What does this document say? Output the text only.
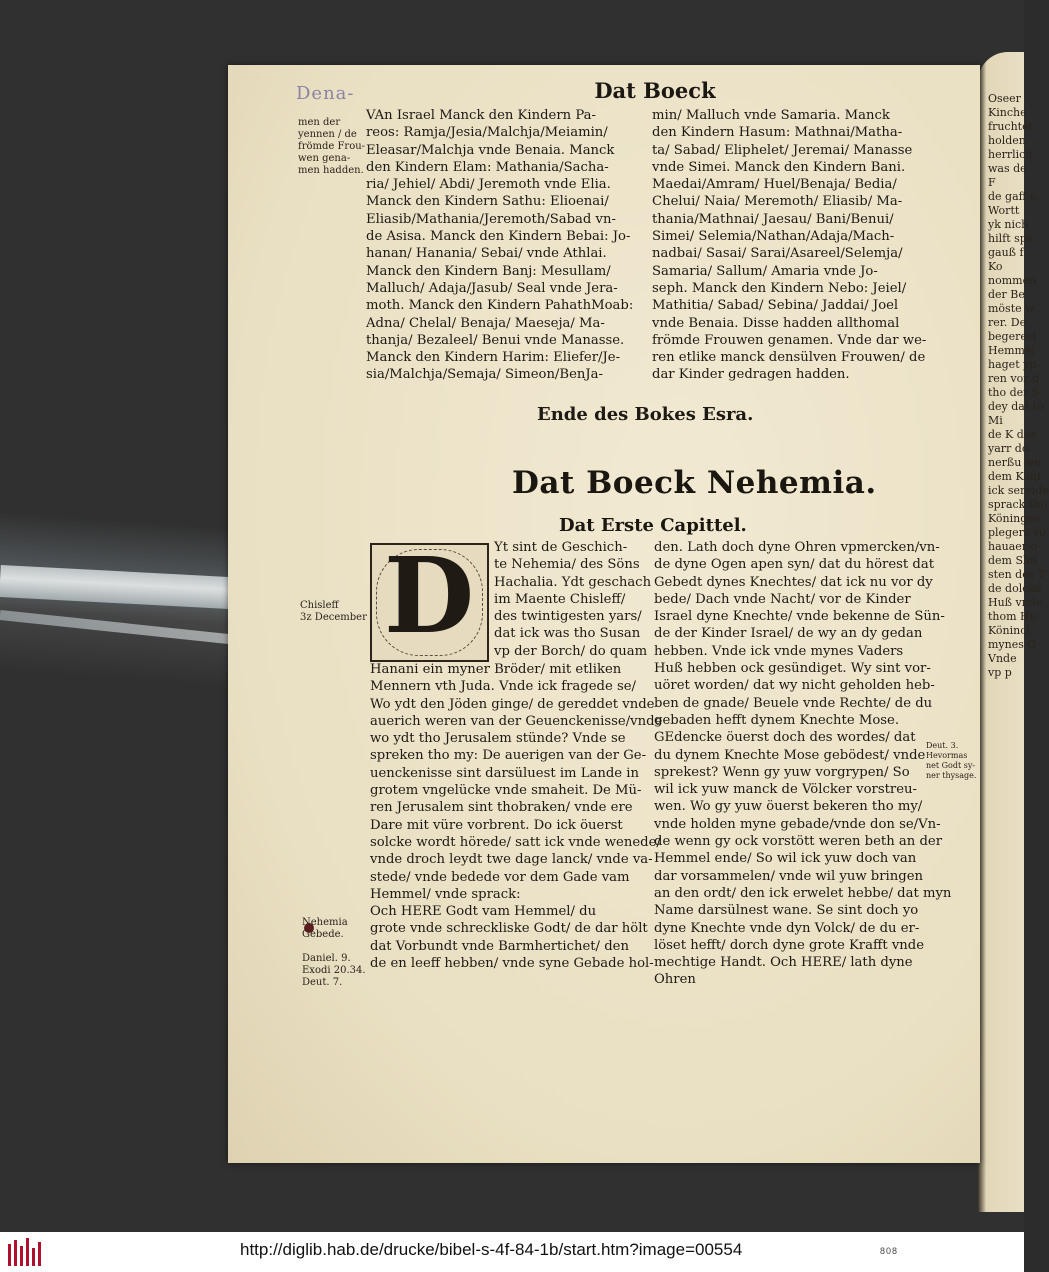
Oseer
Kinche
fruchtet
holden
herrlich
was de
F
de gaff e
Wortt
yk nich
hilft spe
gauß f
Ko
nommen
der Be
möste w
rer. De
begerest
Hemmel
haget yp
ren vor d
tho der S
dey dat to
Mi
de K des
yarr do
nerßu wo
dem Köni
ick sereide
sprack tho
Köninges
plegers vo
hauaer o
dem Slot
sten des T
de dolcke
Huß vnde
thom Hu
Könincl
mynes G
Vnde
vp p
Dena-	Dat Boeck
men der
yennen / de
frömde Frou-
wen gena-
men hadden.
VAn Israel Manck den Kindern Pa-
reos: Ramja/Jesia/Malchja/Meiamin/
Eleasar/Malchja vnde Benaia. Manck
den Kindern Elam: Mathania/Sacha-
ria/ Jehiel/ Abdi/ Jeremoth vnde Elia.
Manck den Kindern Sathu: Elioenai/
Eliasib/Mathania/Jeremoth/Sabad vn-
de Asisa. Manck den Kindern Bebai: Jo-
hanan/ Hanania/ Sebai/ vnde Athlai.
Manck den Kindern Banj: Mesullam/
Malluch/ Adaja/Jasub/ Seal vnde Jera-
moth. Manck den Kindern PahathMoab:
Adna/ Chelal/ Benaja/ Maeseja/ Ma-
thanja/ Bezaleel/ Benui vnde Manasse.
Manck den Kindern Harim: Eliefer/Je-
sia/Malchja/Semaja/ Simeon/BenJa-
min/ Malluch vnde Samaria. Manck
den Kindern Hasum: Mathnai/Matha-
ta/ Sabad/ Eliphelet/ Jeremai/ Manasse
vnde Simei. Manck den Kindern Bani.
Maedai/Amram/ Huel/Benaja/ Bedia/
Chelui/ Naia/ Meremoth/ Eliasib/ Ma-
thania/Mathnai/ Jaesau/ Bani/Benui/
Simei/ Selemia/Nathan/Adaja/Mach-
nadbai/ Sasai/ Sarai/Asareel/Selemja/
Samaria/ Sallum/ Amaria vnde Jo-
seph. Manck den Kindern Nebo: Jeiel/
Mathitia/ Sabad/ Sebina/ Jaddai/ Joel
vnde Benaia. Disse hadden allthomal
frömde Frouwen genamen. Vnde dar we-
ren etlike manck densülven Frouwen/ de
dar Kinder gedragen hadden.
Ende des Bokes Esra.
Dat Boeck Nehemia.
Dat Erste Capittel.
D
Chisleff
3z December
Nehemia
Gebede.
Daniel. 9.
Exodi 20.34.
Deut. 7.
Deut. 3.
Hevormas
net Godt sy-
ner thysage.
Yt sint de Geschich-
te Nehemia/ des Söns
Hachalia. Ydt geschach
im Maente Chisleff/
des twintigesten yars/
dat ick was tho Susan
vp der Borch/ do quam
Hanani ein myner Bröder/ mit etliken
Mennern vth Juda. Vnde ick fragede se/
Wo ydt den Jöden ginge/ de gereddet vnde
auerich weren van der Geuenckenisse/vnde
wo ydt tho Jerusalem stünde? Vnde se
spreken tho my: De auerigen van der Ge-
uenckenisse sint darsüluest im Lande in
grotem vngelücke vnde smaheit. De Mü-
ren Jerusalem sint thobraken/ vnde ere
Dare mit vüre vorbrent. Do ick öuerst
solcke wordt hörede/ satt ick vnde wenede/
vnde droch leydt twe dage lanck/ vnde va-
stede/ vnde bedede vor dem Gade vam
Hemmel/ vnde sprack:
Och HERE Godt vam Hemmel/ du
grote vnde schreckliske Godt/ de dar hölt
dat Vorbundt vnde Barmhertichet/ den
de en leeff hebben/ vnde syne Gebade hol-
den. Lath doch dyne Ohren vpmercken/vn-
de dyne Ogen apen syn/ dat du hörest dat
Gebedt dynes Knechtes/ dat ick nu vor dy
bede/ Dach vnde Nacht/ vor de Kinder
Israel dyne Knechte/ vnde bekenne de Sün-
de der Kinder Israel/ de wy an dy gedan
hebben. Vnde ick vnde mynes Vaders
Huß hebben ock gesündiget. Wy sint vor-
uöret worden/ dat wy nicht geholden heb-
ben de gnade/ Beuele vnde Rechte/ de du
gebaden hefft dynem Knechte Mose.
GEdencke öuerst doch des wordes/ dat
du dynem Knechte Mose gebödest/ vnde
sprekest? Wenn gy yuw vorgrypen/ So
wil ick yuw manck de Völcker vorstreu-
wen. Wo gy yuw öuerst bekeren tho my/
vnde holden myne gebade/vnde don se/Vn-
de wenn gy ock vorstött weren beth an der
Hemmel ende/ So wil ick yuw doch van
dar vorsammelen/ vnde wil yuw bringen
an den ordt/ den ick erwelet hebbe/ dat myn
Name darsülnest wane. Se sint doch yo
dyne Knechte vnde dyn Volck/ de du er-
löset hefft/ dorch dyne grote Krafft vnde
mechtige Handt. Och HERE/ lath dyne
Ohren
http://diglib.hab.de/drucke/bibel-s-4f-84-1b/start.htm?image=00554	808
